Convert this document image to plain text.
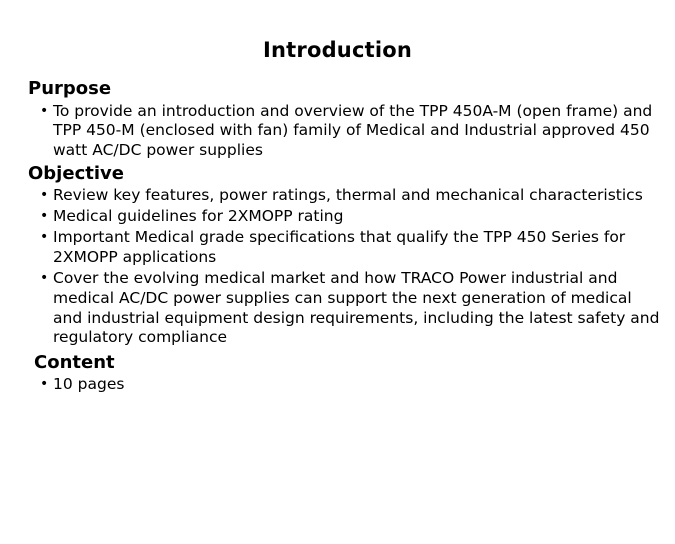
Introduction
Purpose
• To provide an introduction and overview of the TPP 450A-M (open frame) and TPP 450-M (enclosed with fan) family of Medical and Industrial approved 450 watt AC/DC power supplies
Objective
• Review key features, power ratings, thermal and mechanical characteristics
• Medical guidelines for 2XMOPP rating
• Important Medical grade specifications that qualify the TPP 450 Series for 2XMOPP applications
• Cover the evolving medical market and how TRACO Power industrial and medical AC/DC power supplies can support the next generation of medical and industrial equipment design requirements, including the latest safety and regulatory compliance
Content
• 10 pages
